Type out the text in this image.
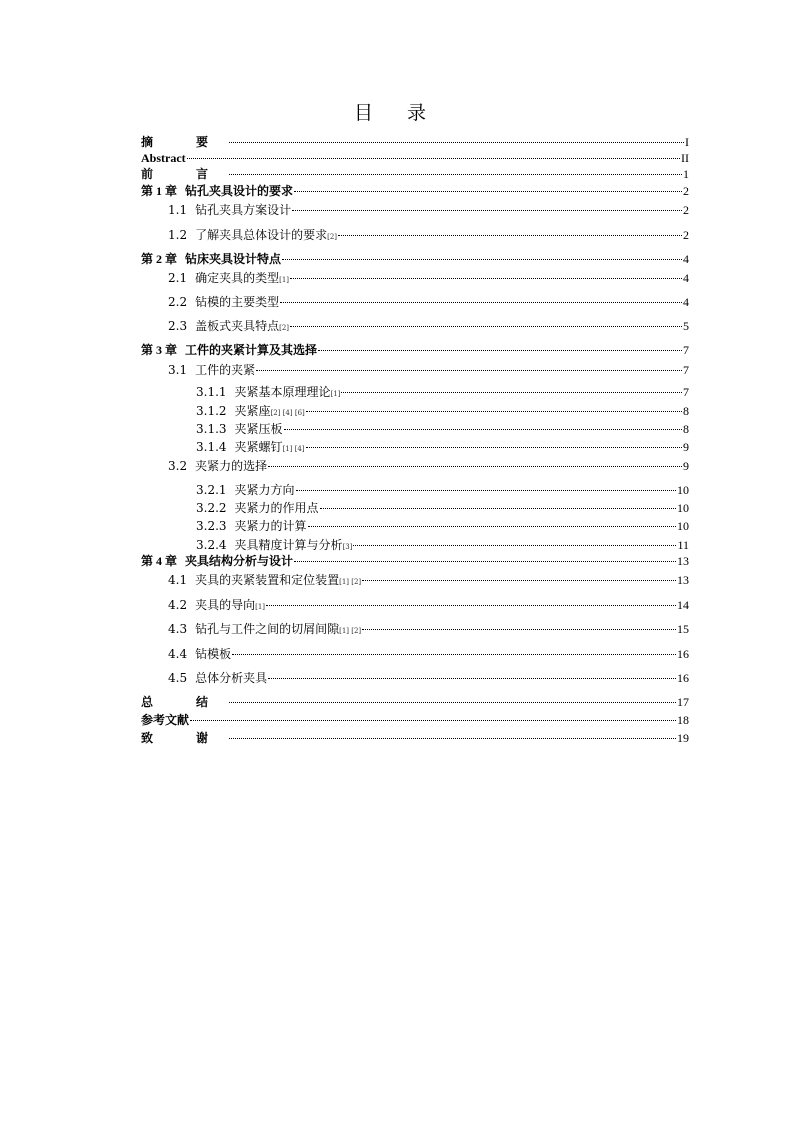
目 录
摘 要	I
Abstract	II
前 言	1
第 1 章 钻孔夹具设计的要求	2
1.1 钻孔夹具方案设计	2
1.2 了解夹具总体设计的要求 [2]	2
第 2 章 钻床夹具设计特点	4
2.1 确定夹具的类型 [1]	4
2.2 钻模的主要类型	4
2.3 盖板式夹具特点 [2]	5
第 3 章 工件的夹紧计算及其选择	7
3.1 工件的夹紧	7
3.1.1 夹紧基本原理理论 [1]	7
3.1.2 夹紧座 [2] [4] [6]	8
3.1.3 夹紧压板	8
3.1.4 夹紧螺钉 [1] [4]	9
3.2 夹紧力的选择	9
3.2.1 夹紧力方向	10
3.2.2 夹紧力的作用点	10
3.2.3 夹紧力的计算	10
3.2.4 夹具精度计算与分析 [3]	11
第 4 章 夹具结构分析与设计	13
4.1 夹具的夹紧装置和定位装置 [1] [2]	13
4.2 夹具的导向 [1]	14
4.3 钻孔与工件之间的切屑间隙 [1] [2]	15
4.4 钻模板	16
4.5 总体分析夹具	16
总 结	17
参考文献	18
致 谢	19
